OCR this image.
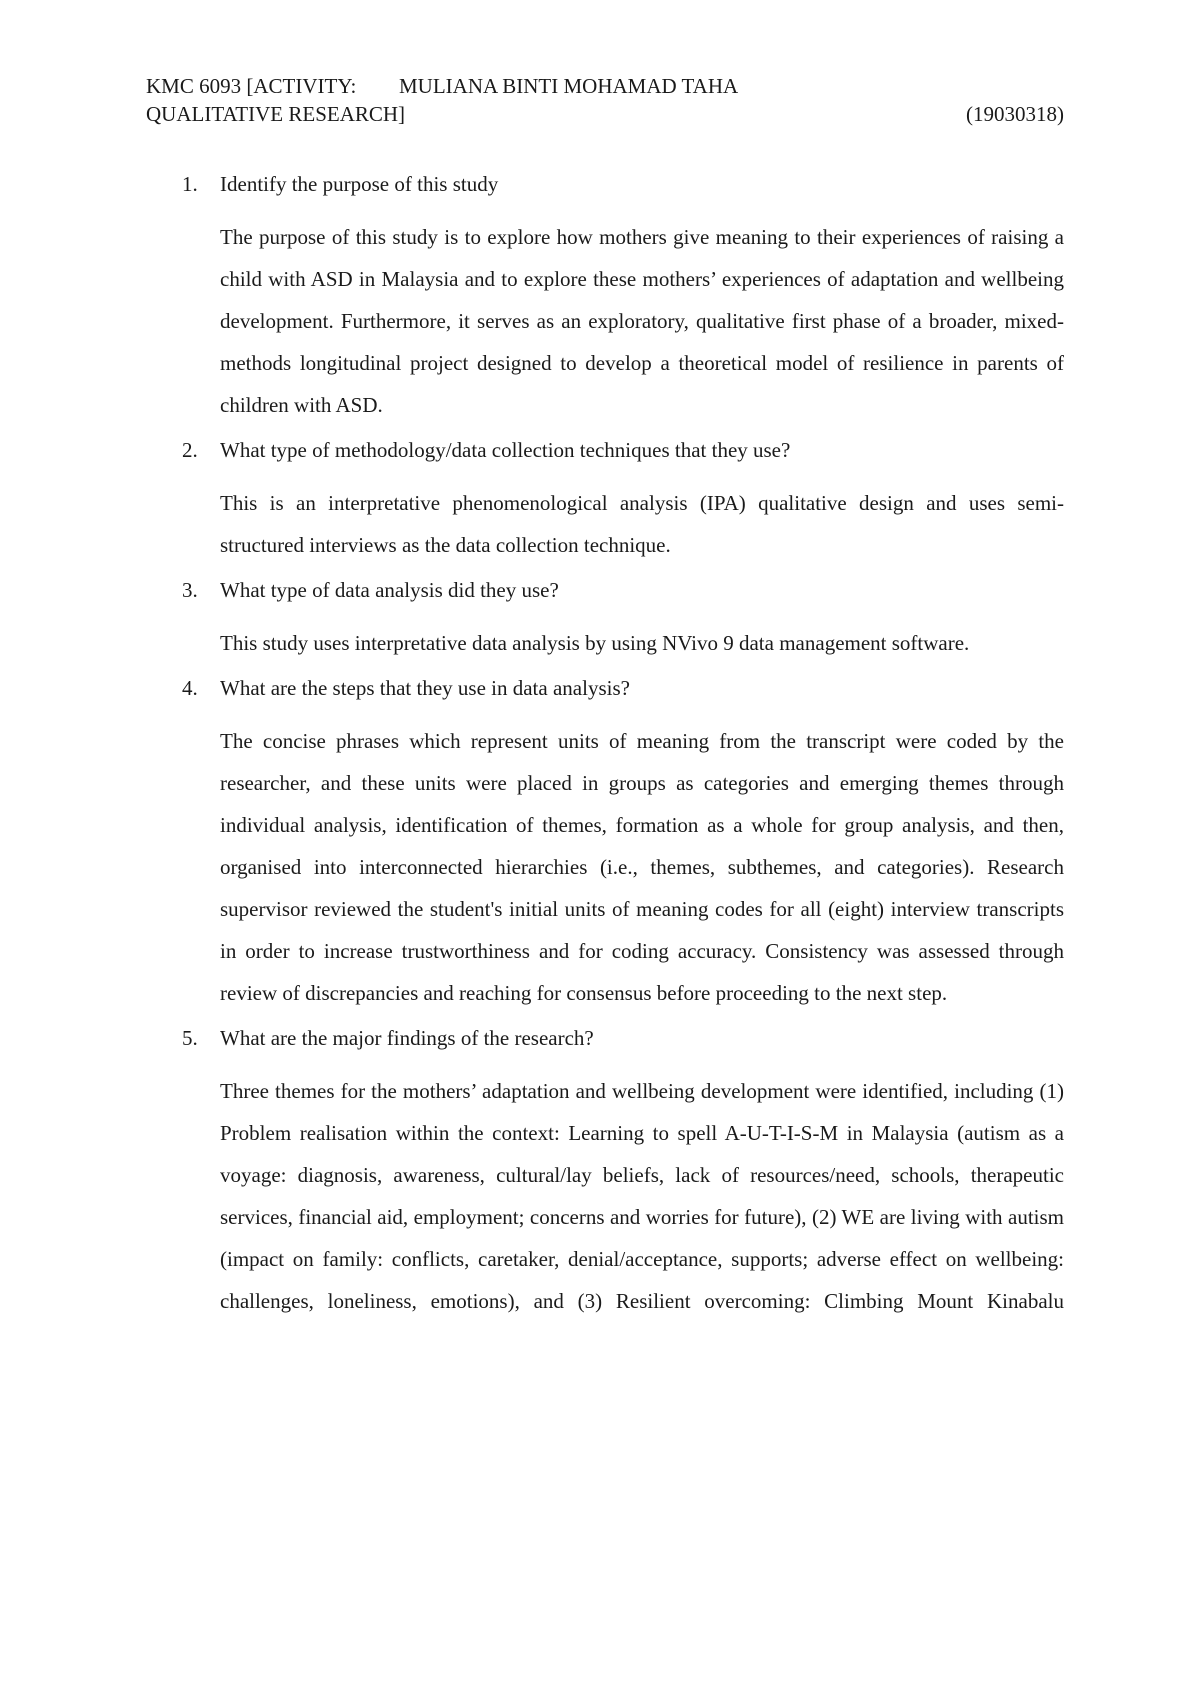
KMC 6093 [ACTIVITY: MULIANA BINTI MOHAMAD TAHA
QUALITATIVE RESEARCH]	(19030318)

1. Identify the purpose of this study

The purpose of this study is to explore how mothers give meaning to their experiences of raising a child with ASD in Malaysia and to explore these mothers’ experiences of adaptation and wellbeing development. Furthermore, it serves as an exploratory, qualitative first phase of a broader, mixed-methods longitudinal project designed to develop a theoretical model of resilience in parents of children with ASD.

2. What type of methodology/data collection techniques that they use?

This is an interpretative phenomenological analysis (IPA) qualitative design and uses semi-structured interviews as the data collection technique.

3. What type of data analysis did they use?

This study uses interpretative data analysis by using NVivo 9 data management software.

4. What are the steps that they use in data analysis?

The concise phrases which represent units of meaning from the transcript were coded by the researcher, and these units were placed in groups as categories and emerging themes through individual analysis, identification of themes, formation as a whole for group analysis, and then, organised into interconnected hierarchies (i.e., themes, subthemes, and categories). Research supervisor reviewed the student's initial units of meaning codes for all (eight) interview transcripts in order to increase trustworthiness and for coding accuracy. Consistency was assessed through review of discrepancies and reaching for consensus before proceeding to the next step.

5. What are the major findings of the research?

Three themes for the mothers’ adaptation and wellbeing development were identified, including (1) Problem realisation within the context: Learning to spell A-U-T-I-S-M in Malaysia (autism as a voyage: diagnosis, awareness, cultural/lay beliefs, lack of resources/need, schools, therapeutic services, financial aid, employment; concerns and worries for future), (2) WE are living with autism (impact on family: conflicts, caretaker, denial/acceptance, supports; adverse effect on wellbeing: challenges, loneliness, emotions), and (3) Resilient overcoming: Climbing Mount Kinabalu
